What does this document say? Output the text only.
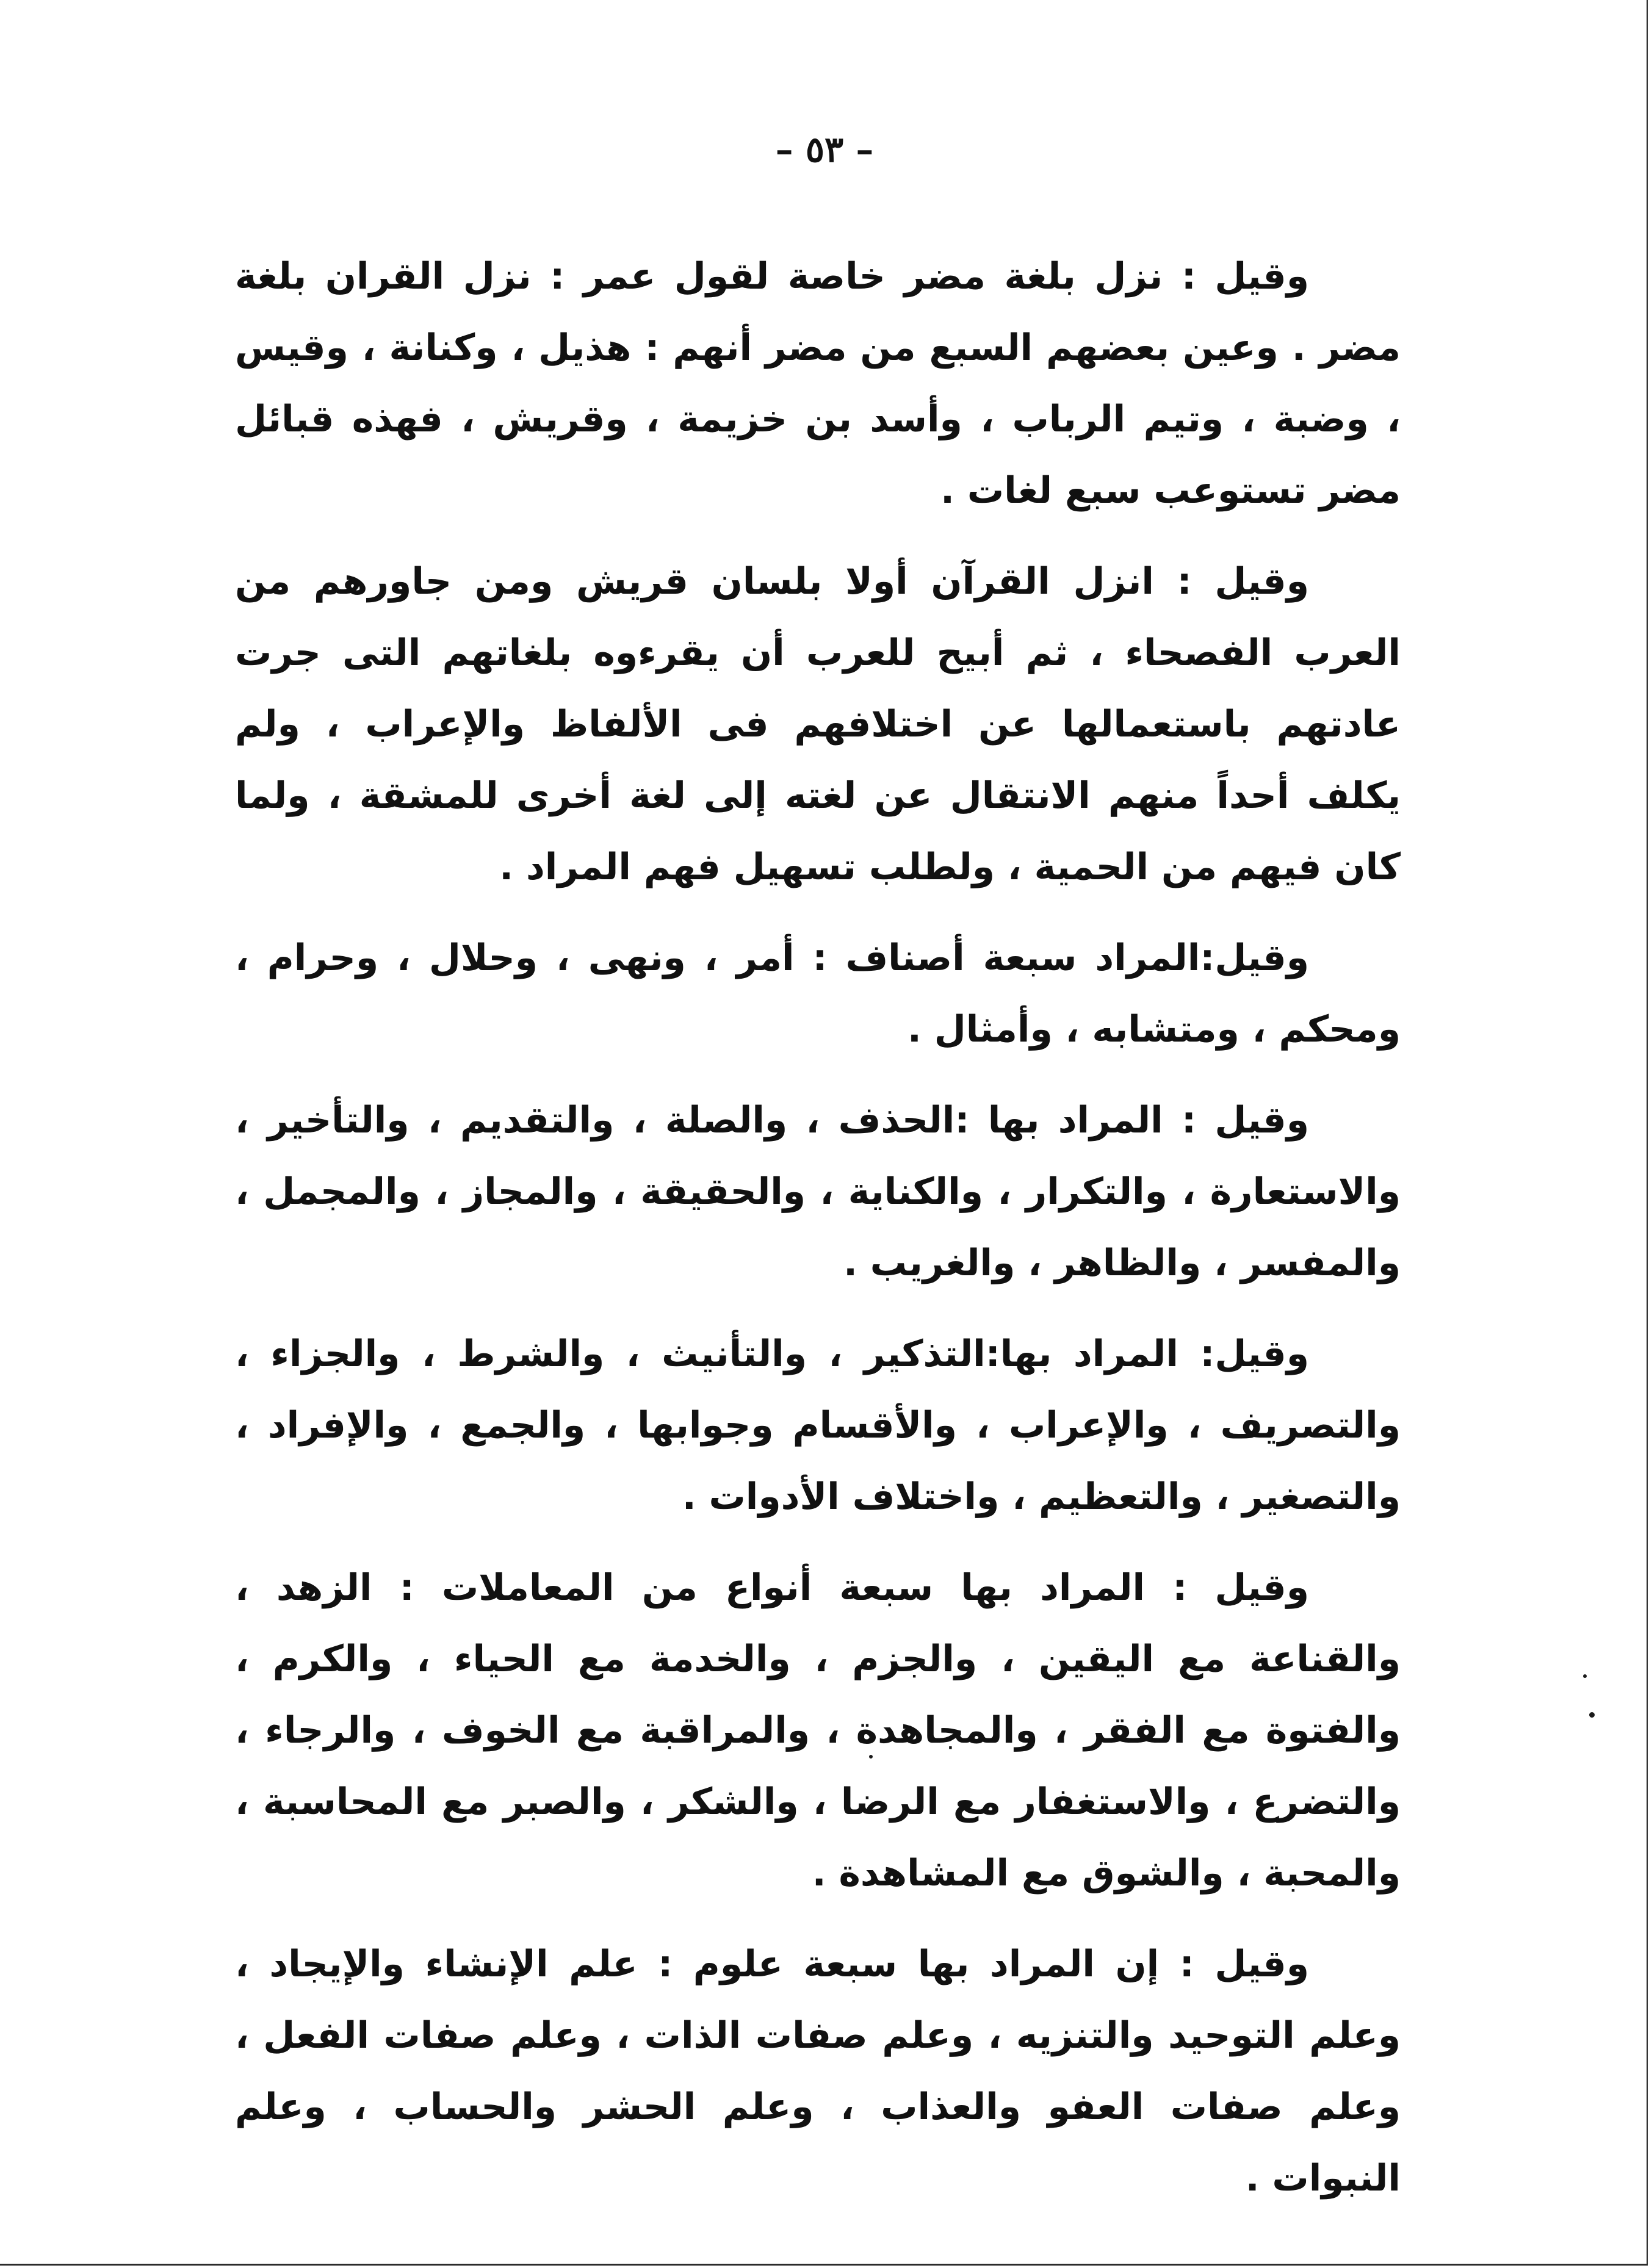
– ٥٣ –

وقيل : نزل بلغة مضر خاصة لقول عمر : نزل القران بلغة مضر . وعين بعضهم السبع من مضر أنهم : هذيل ، وكنانة ، وقيس ، وضبة ، وتيم الرباب ، وأسد بن خزيمة ، وقريش ، فهذه قبائل مضر تستوعب سبع لغات .

وقيل : انزل القرآن أولا بلسان قريش ومن جاورهم من العرب الفصحاء ، ثم أبيح للعرب أن يقرءوه بلغاتهم التى جرت عادتهم باستعمالها عن اختلافهم فى الألفاظ والإعراب ، ولم يكلف أحداً منهم الانتقال عن لغته إلى لغة أخرى للمشقة ، ولما كان فيهم من الحمية ، ولطلب تسهيل فهم المراد .

وقيل:المراد سبعة أصناف : أمر ، ونهى ، وحلال ، وحرام ، ومحكم ، ومتشابه ، وأمثال .

وقيل : المراد بها :الحذف ، والصلة ، والتقديم ، والتأخير ، والاستعارة ، والتكرار ، والكناية ، والحقيقة ، والمجاز ، والمجمل ، والمفسر ، والظاهر ، والغريب .

وقيل: المراد بها:التذكير ، والتأنيث ، والشرط ، والجزاء ، والتصريف ، والإعراب ، والأقسام وجوابها ، والجمع ، والإفراد ، والتصغير ، والتعظيم ، واختلاف الأدوات .

وقيل : المراد بها سبعة أنواع من المعاملات : الزهد ، والقناعة مع اليقين ، والجزم ، والخدمة مع الحياء ، والكرم ، والفتوة مع الفقر ، والمجاهدة ، والمراقبة مع الخوف ، والرجاء ، والتضرع ، والاستغفار مع الرضا ، والشكر ، والصبر مع المحاسبة ، والمحبة ، والشوق مع المشاهدة .

وقيل : إن المراد بها سبعة علوم : علم الإنشاء والإيجاد ، وعلم التوحيد والتنزيه ، وعلم صفات الذات ، وعلم صفات الفعل ، وعلم صفات العفو والعذاب ، وعلم الحشر والحساب ، وعلم النبوات .
